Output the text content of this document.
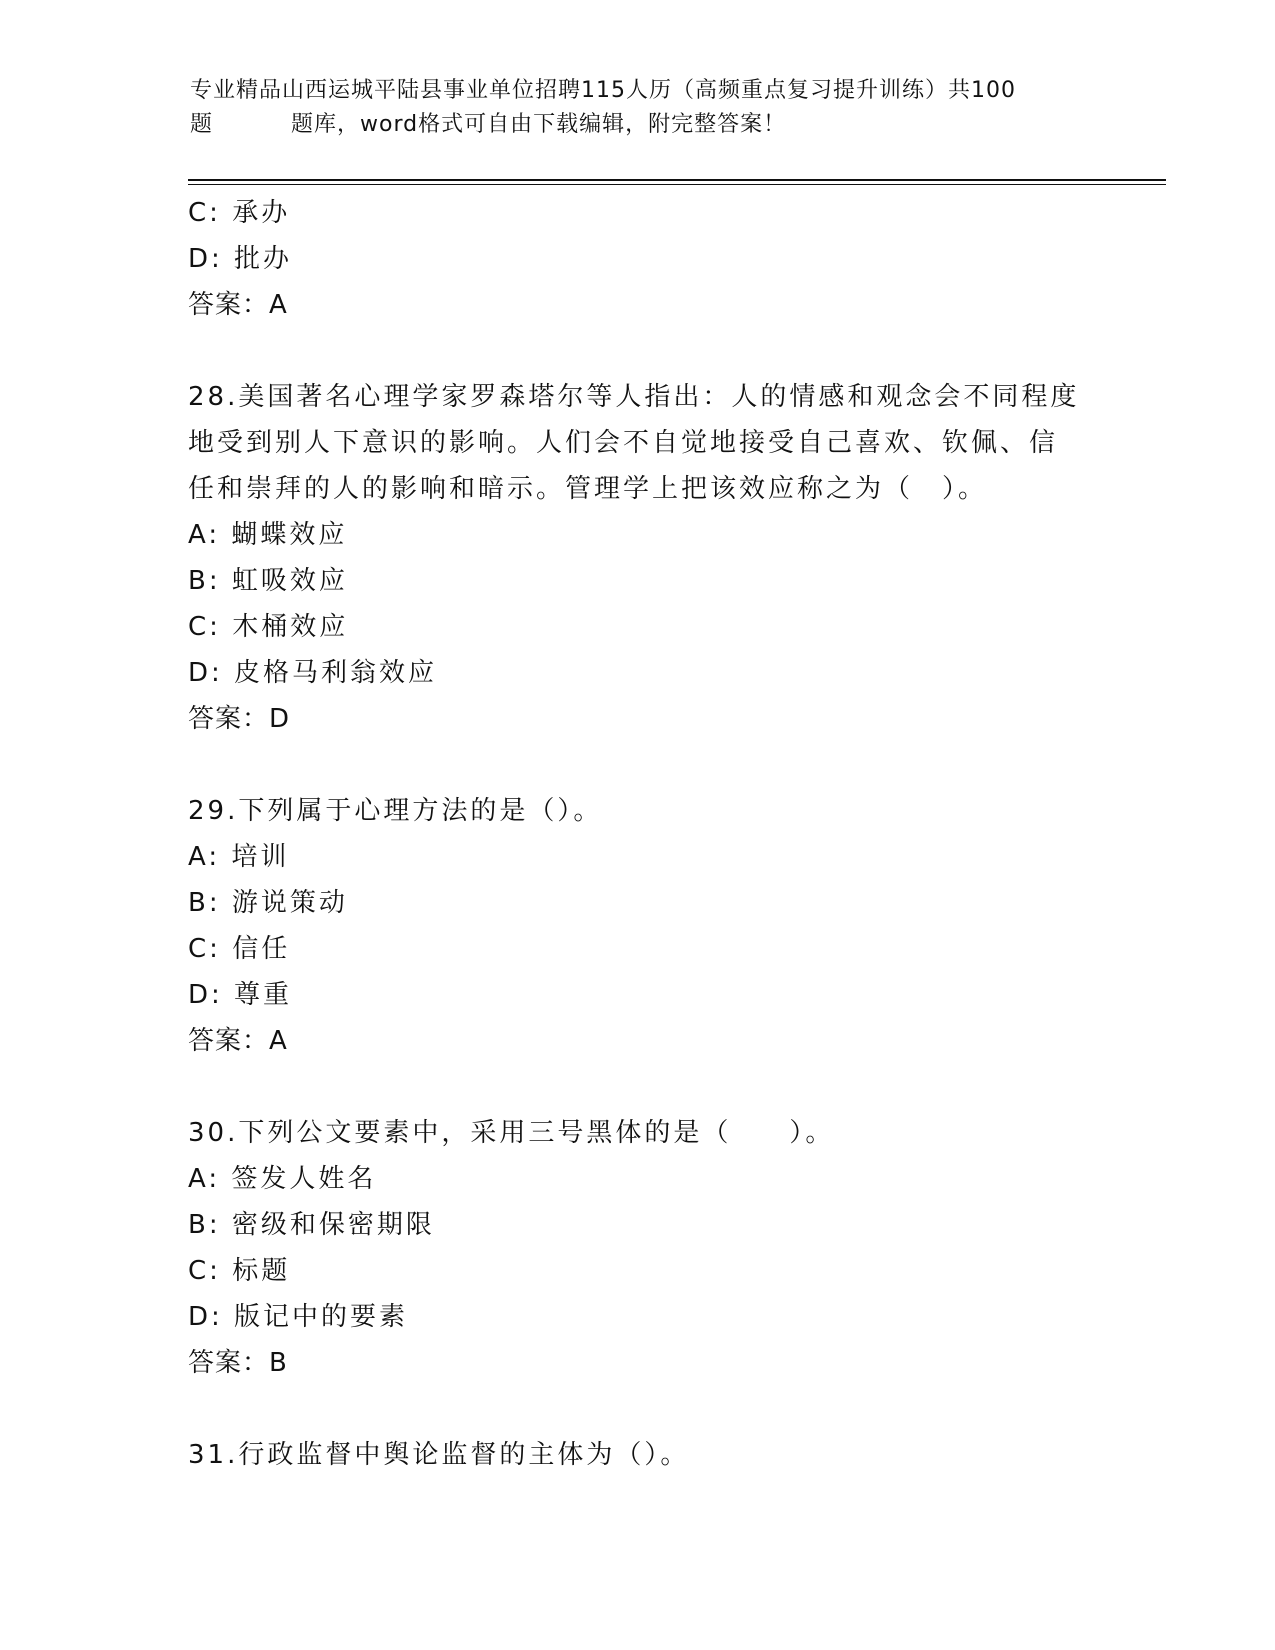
专业精品山西运城平陆县事业单位招聘115人历（高频重点复习提升训练）共100
题	题库，word格式可自由下载编辑，附完整答案！
C: 承办
D: 批办
答案：A
28.美国著名心理学家罗森塔尔等人指出：人的情感和观念会不同程度
地受到别人下意识的影响。人们会不自觉地接受自己喜欢、钦佩、信
任和崇拜的人的影响和暗示。管理学上把该效应称之为（　）。
A: 蝴蝶效应
B: 虹吸效应
C: 木桶效应
D: 皮格马利翁效应
答案：D
29.下列属于心理方法的是（）。
A: 培训
B: 游说策动
C: 信任
D: 尊重
答案：A
30.下列公文要素中，采用三号黑体的是（　　）。
A: 签发人姓名
B: 密级和保密期限
C: 标题
D: 版记中的要素
答案：B
31.行政监督中舆论监督的主体为（）。
